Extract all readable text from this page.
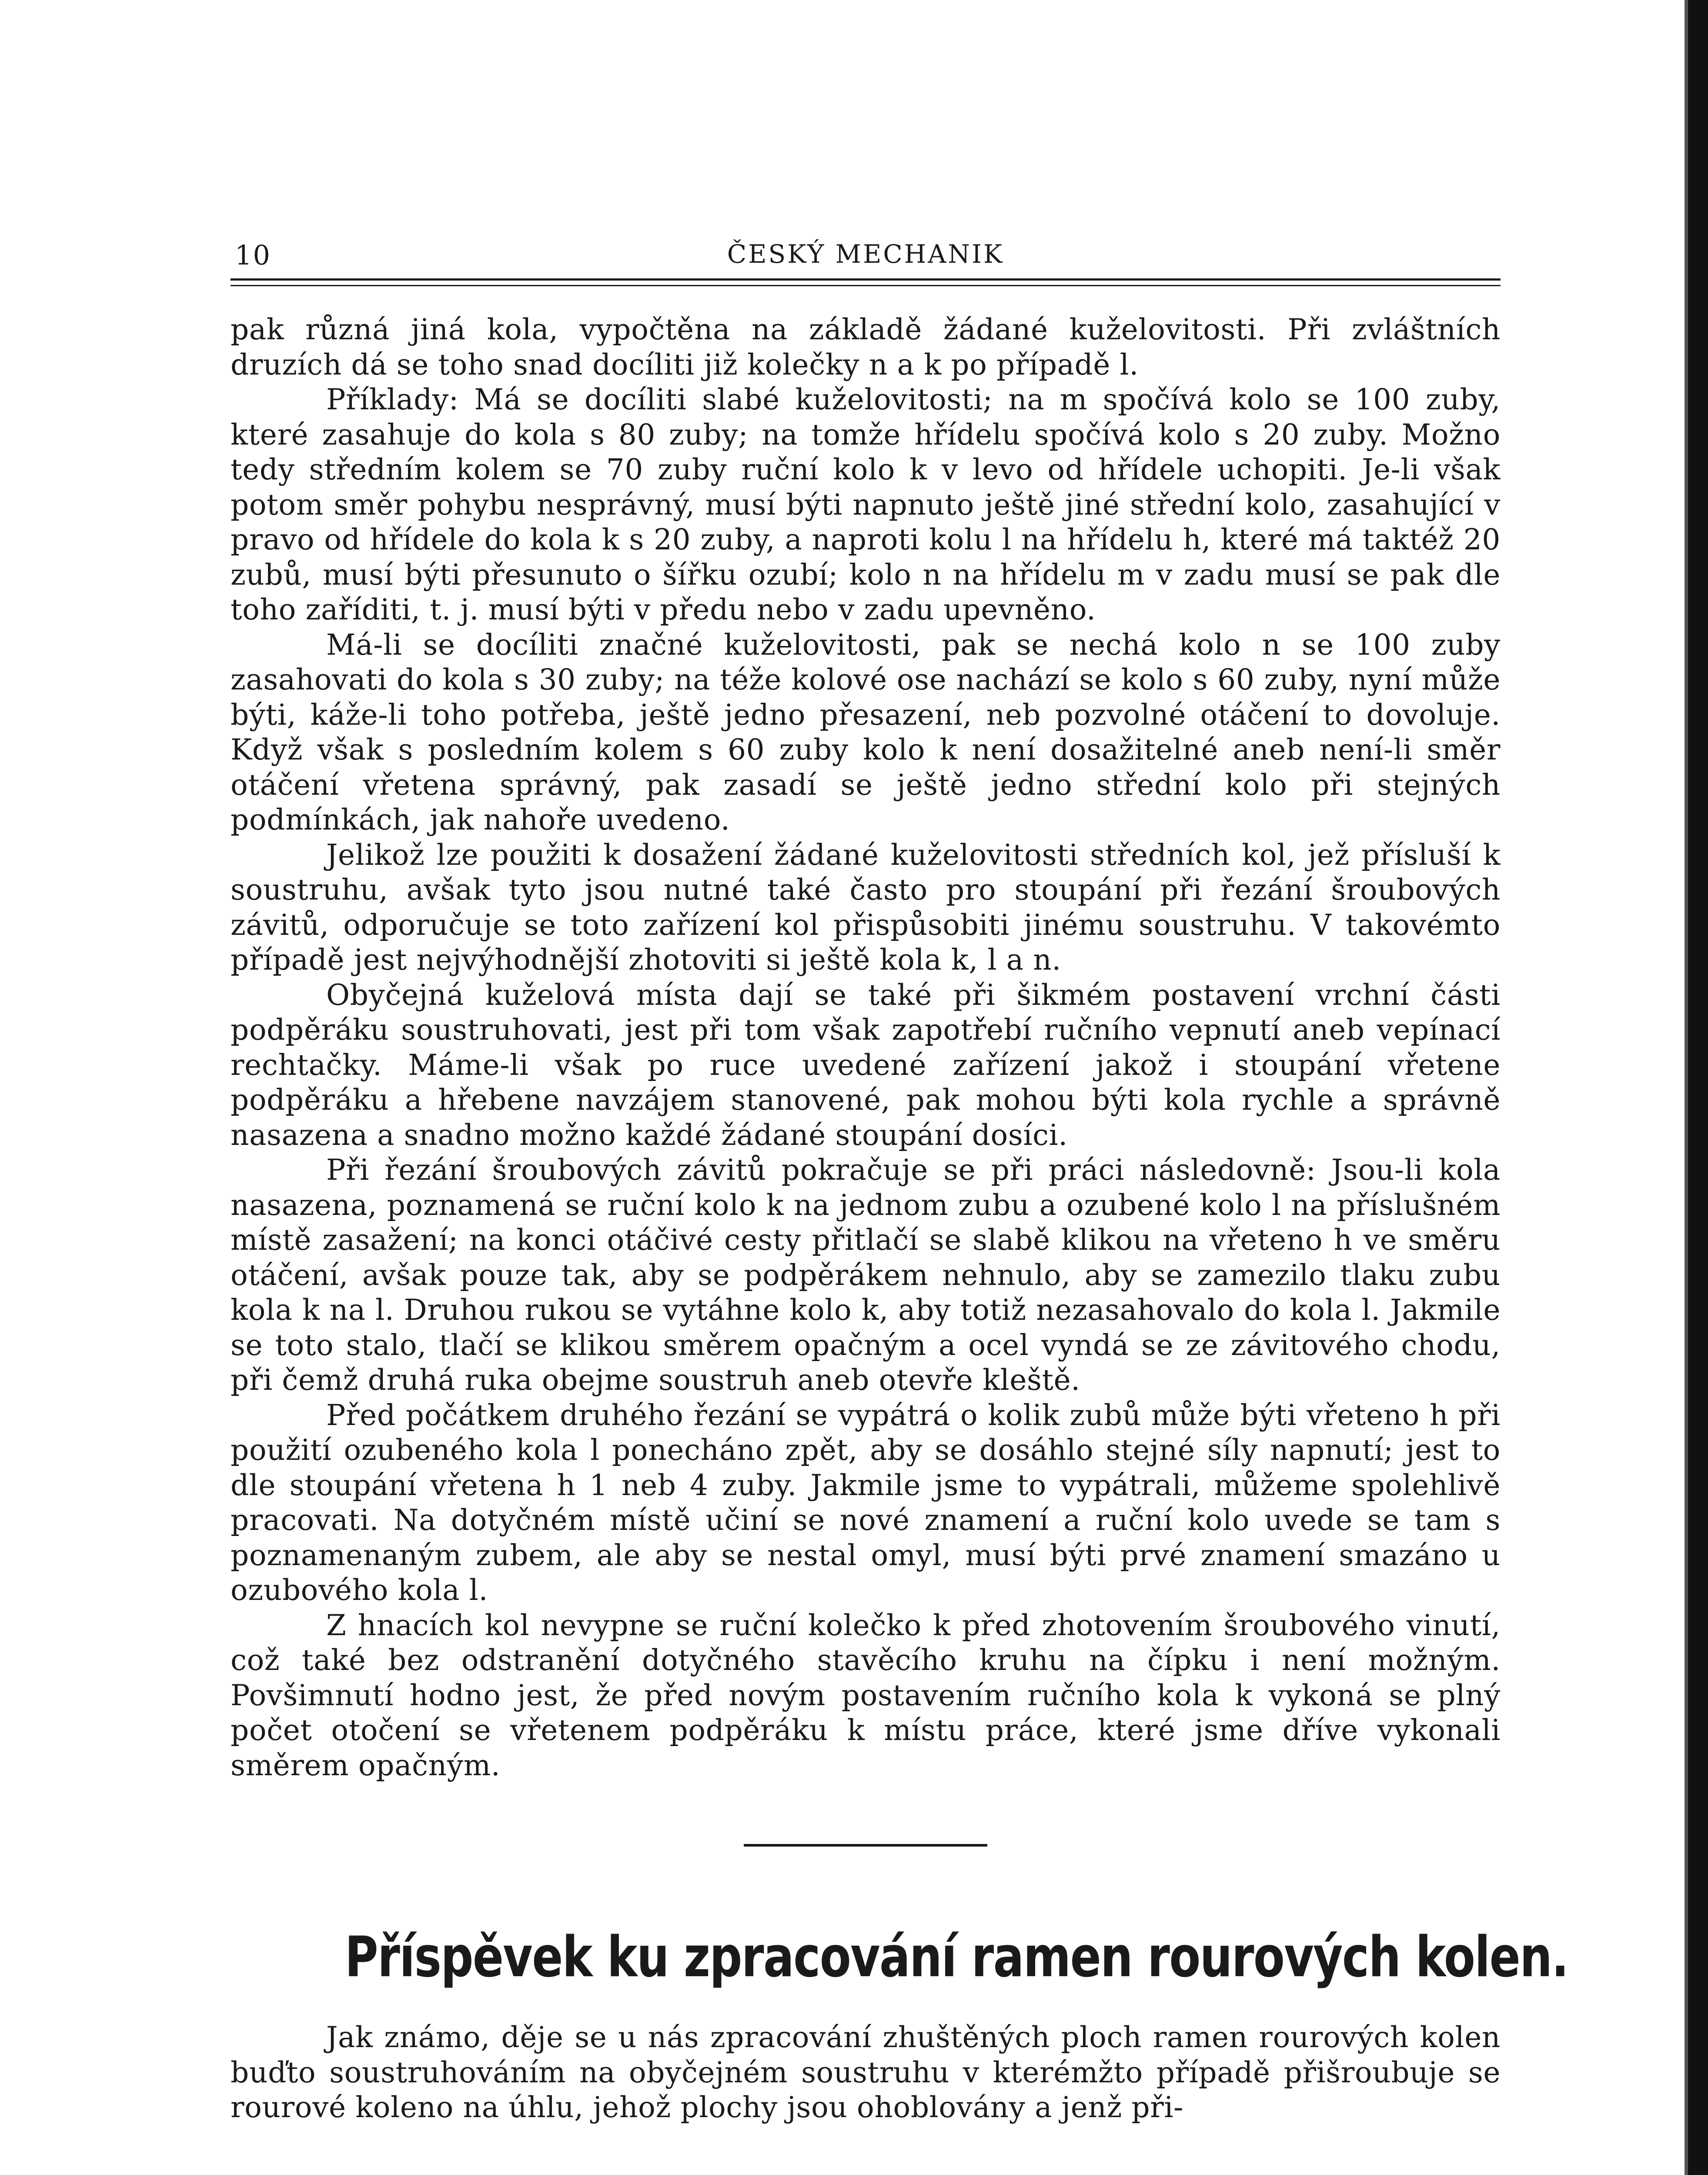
10	ČESKÝ MECHANIK

pak různá jiná kola, vypočtěna na základě žádané kuželovitosti. Při zvláštních druzích dá se toho snad docíliti již kolečky n a k po případě l.

Příklady: Má se docíliti slabé kuželovitosti; na m spočívá kolo se 100 zuby, které zasahuje do kola s 80 zuby; na tomže hřídelu spočívá kolo s 20 zuby. Možno tedy středním kolem se 70 zuby ruční kolo k v levo od hřídele uchopiti. Je-li však potom směr pohybu nesprávný, musí býti napnuto ještě jiné střední kolo, zasahující v pravo od hřídele do kola k s 20 zuby, a naproti kolu l na hřídelu h, které má taktéž 20 zubů, musí býti přesunuto o šířku ozubí; kolo n na hřídelu m v zadu musí se pak dle toho zaříditi, t. j. musí býti v předu nebo v zadu upevněno.

Má-li se docíliti značné kuželovitosti, pak se nechá kolo n se 100 zuby zasahovati do kola s 30 zuby; na téže kolové ose nachází se kolo s 60 zuby, nyní může býti, káže-li toho potřeba, ještě jedno přesazení, neb pozvolné otáčení to dovoluje. Když však s posledním kolem s 60 zuby kolo k není dosažitelné aneb není-li směr otáčení vřetena správný, pak zasadí se ještě jedno střední kolo při stejných podmínkách, jak nahoře uvedeno.

Jelikož lze použiti k dosažení žádané kuželovitosti středních kol, jež přísluší k soustruhu, avšak tyto jsou nutné také často pro stoupání při řezání šroubových závitů, odporučuje se toto zařízení kol přispůsobiti jinému soustruhu. V takovémto případě jest nejvýhodnější zhotoviti si ještě kola k, l a n.

Obyčejná kuželová místa dají se také při šikmém postavení vrchní části podpěráku soustruhovati, jest při tom však zapotřebí ručního vepnutí aneb vepínací rechtačky. Máme-li však po ruce uvedené zařízení jakož i stoupání vřetene podpěráku a hřebene navzájem stanovené, pak mohou býti kola rychle a správně nasazena a snadno možno každé žádané stoupání dosíci.

Při řezání šroubových závitů pokračuje se při práci následovně: Jsou-li kola nasazena, poznamená se ruční kolo k na jednom zubu a ozubené kolo l na příslušném místě zasažení; na konci otáčivé cesty přitlačí se slabě klikou na vřeteno h ve směru otáčení, avšak pouze tak, aby se podpěrákem nehnulo, aby se zamezilo tlaku zubu kola k na l. Druhou rukou se vytáhne kolo k, aby totiž nezasahovalo do kola l. Jakmile se toto stalo, tlačí se klikou směrem opačným a ocel vyndá se ze závitového chodu, při čemž druhá ruka obejme soustruh aneb otevře kleště.

Před počátkem druhého řezání se vypátrá o kolik zubů může býti vřeteno h při použití ozubeného kola l ponecháno zpět, aby se dosáhlo stejné síly napnutí; jest to dle stoupání vřetena h 1 neb 4 zuby. Jakmile jsme to vypátrali, můžeme spolehlivě pracovati. Na dotyčném místě učiní se nové znamení a ruční kolo uvede se tam s poznamenaným zubem, ale aby se nestal omyl, musí býti prvé znamení smazáno u ozubového kola l.

Z hnacích kol nevypne se ruční kolečko k před zhotovením šroubového vinutí, což také bez odstranění dotyčného stavěcího kruhu na čípku i není možným. Povšimnutí hodno jest, že před novým postavením ručního kola k vykoná se plný počet otočení se vřetenem podpěráku k místu práce, které jsme dříve vykonali směrem opačným.

Příspěvek ku zpracování ramen rourových kolen.

Jak známo, děje se u nás zpracování zhuštěných ploch ramen rourových kolen buďto soustruhováním na obyčejném soustruhu v kterémžto případě přišroubuje se rourové koleno na úhlu, jehož plochy jsou ohoblovány a jenž při-
